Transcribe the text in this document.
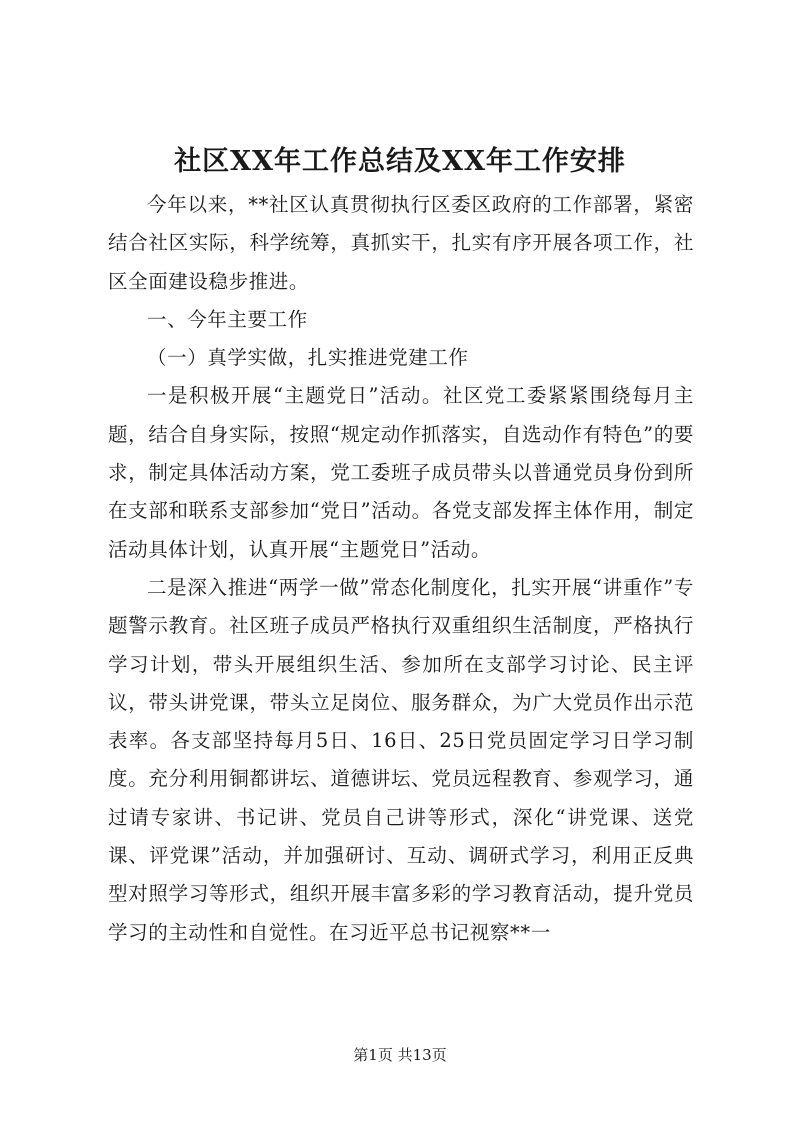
社区XX年工作总结及XX年工作安排

今年以来，**社区认真贯彻执行区委区政府的工作部署，紧密结合社区实际，科学统筹，真抓实干，扎实有序开展各项工作，社区全面建设稳步推进。

一、今年主要工作

（一）真学实做，扎实推进党建工作

一是积极开展“主题党日”活动。社区党工委紧紧围绕每月主题，结合自身实际，按照“规定动作抓落实，自选动作有特色”的要求，制定具体活动方案，党工委班子成员带头以普通党员身份到所在支部和联系支部参加“党日”活动。各党支部发挥主体作用，制定活动具体计划，认真开展“主题党日”活动。

二是深入推进“两学一做”常态化制度化，扎实开展“讲重作”专题警示教育。社区班子成员严格执行双重组织生活制度，严格执行学习计划，带头开展组织生活、参加所在支部学习讨论、民主评议，带头讲党课，带头立足岗位、服务群众，为广大党员作出示范表率。各支部坚持每月5日、16日、25日党员固定学习日学习制度。充分利用铜都讲坛、道德讲坛、党员远程教育、参观学习，通过请专家讲、书记讲、党员自己讲等形式，深化“讲党课、送党课、评党课”活动，并加强研讨、互动、调研式学习，利用正反典型对照学习等形式，组织开展丰富多彩的学习教育活动，提升党员学习的主动性和自觉性。在习近平总书记视察**一

第1页 共13页
